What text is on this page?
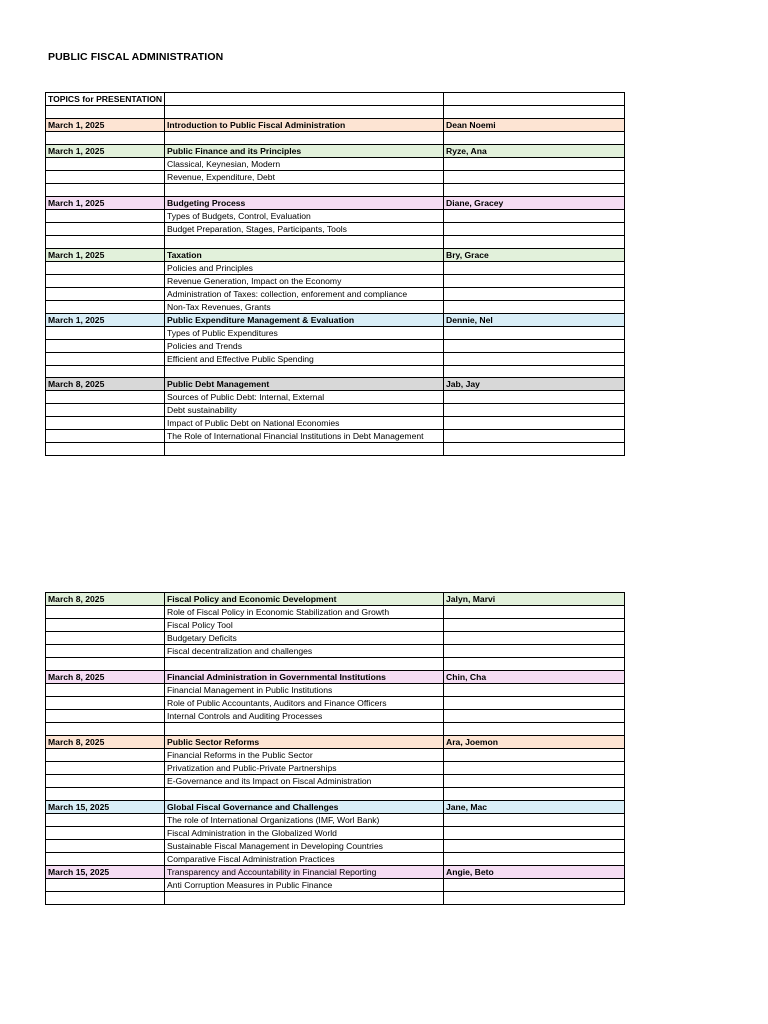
PUBLIC FISCAL ADMINISTRATION
TOPICS for PRESENTATION		

March 1, 2025	Introduction to Public Fiscal Administration	Dean Noemi

March 1, 2025	Public Finance and its Principles	Ryze, Ana
	Classical, Keynesian, Modern	
	Revenue, Expenditure, Debt	

March 1, 2025	Budgeting Process	Diane, Gracey
	Types of Budgets, Control, Evaluation	
	Budget Preparation, Stages, Participants, Tools	

March 1, 2025	Taxation	Bry, Grace
	Policies and Principles	
	Revenue Generation, Impact on the Economy	
	Administration of Taxes: collection, enforement and compliance	
	Non-Tax Revenues, Grants	
March 1, 2025	Public Expenditure Management & Evaluation	Dennie, Nel
	Types of Public Expenditures	
	Policies and Trends	
	Efficient and Effective Public Spending	

March 8, 2025	Public Debt Management	Jab, Jay
	Sources of Public Debt: Internal, External	
	Debt sustainability	
	Impact of Public Debt on National Economies	
	The Role of International Financial Institutions in Debt Management	

March 8, 2025	Fiscal Policy and Economic Development	Jalyn, Marvi
	Role of Fiscal Policy in Economic Stabilization and Growth	
	Fiscal Policy Tool	
	Budgetary Deficits	
	Fiscal decentralization and challenges	

March 8, 2025	Financial Administration in Governmental Institutions	Chin, Cha
	Financial Management in Public Institutions	
	Role of Public Accountants, Auditors and Finance Officers	
	Internal Controls and Auditing Processes	

March 8, 2025	Public Sector Reforms	Ara, Joemon
	Financial Reforms in the Public Sector	
	Privatization and Public-Private Partnerships	
	E-Governance and its Impact on Fiscal Administration	

March 15, 2025	Global Fiscal Governance and Challenges	Jane, Mac
	The role of International Organizations (IMF, Worl Bank)	
	Fiscal Administration in the Globalized World	
	Sustainable Fiscal Management in Developing Countries	
	Comparative Fiscal Administration Practices	
March 15, 2025	Transparency and Accountability in Financial Reporting	Angie, Beto
	Anti Corruption Measures in Public Finance	
